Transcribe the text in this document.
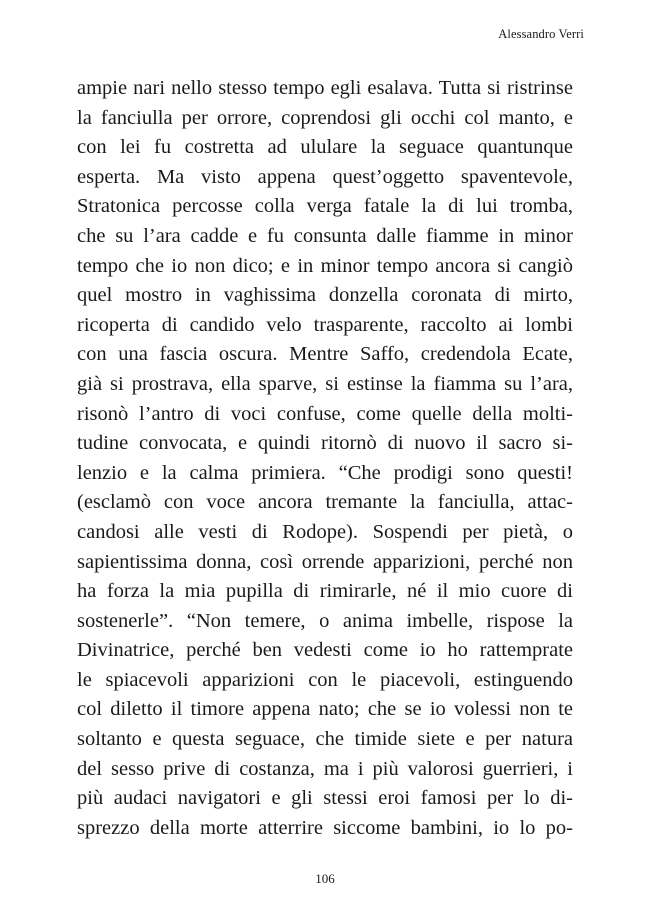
Alessandro Verri
ampie nari nello stesso tempo egli esalava. Tutta si ristrinse
la fanciulla per orrore, coprendosi gli occhi col manto, e
con lei fu costretta ad ululare la seguace quantunque
esperta. Ma visto appena quest’oggetto spaventevole,
Stratonica percosse colla verga fatale la di lui tromba,
che su l’ara cadde e fu consunta dalle fiamme in minor
tempo che io non dico; e in minor tempo ancora si cangiò
quel mostro in vaghissima donzella coronata di mirto,
ricoperta di candido velo trasparente, raccolto ai lombi
con una fascia oscura. Mentre Saffo, credendola Ecate,
già si prostrava, ella sparve, si estinse la fiamma su l’ara,
risonò l’antro di voci confuse, come quelle della molti-
tudine convocata, e quindi ritornò di nuovo il sacro si-
lenzio e la calma primiera. “Che prodigi sono questi!
(esclamò con voce ancora tremante la fanciulla, attac-
candosi alle vesti di Rodope). Sospendi per pietà, o
sapientissima donna, così orrende apparizioni, perché non
ha forza la mia pupilla di rimirarle, né il mio cuore di
sostenerle”. “Non temere, o anima imbelle, rispose la
Divinatrice, perché ben vedesti come io ho rattemprate
le spiacevoli apparizioni con le piacevoli, estinguendo
col diletto il timore appena nato; che se io volessi non te
soltanto e questa seguace, che timide siete e per natura
del sesso prive di costanza, ma i più valorosi guerrieri, i
più audaci navigatori e gli stessi eroi famosi per lo di-
sprezzo della morte atterrire siccome bambini, io lo po-
106
